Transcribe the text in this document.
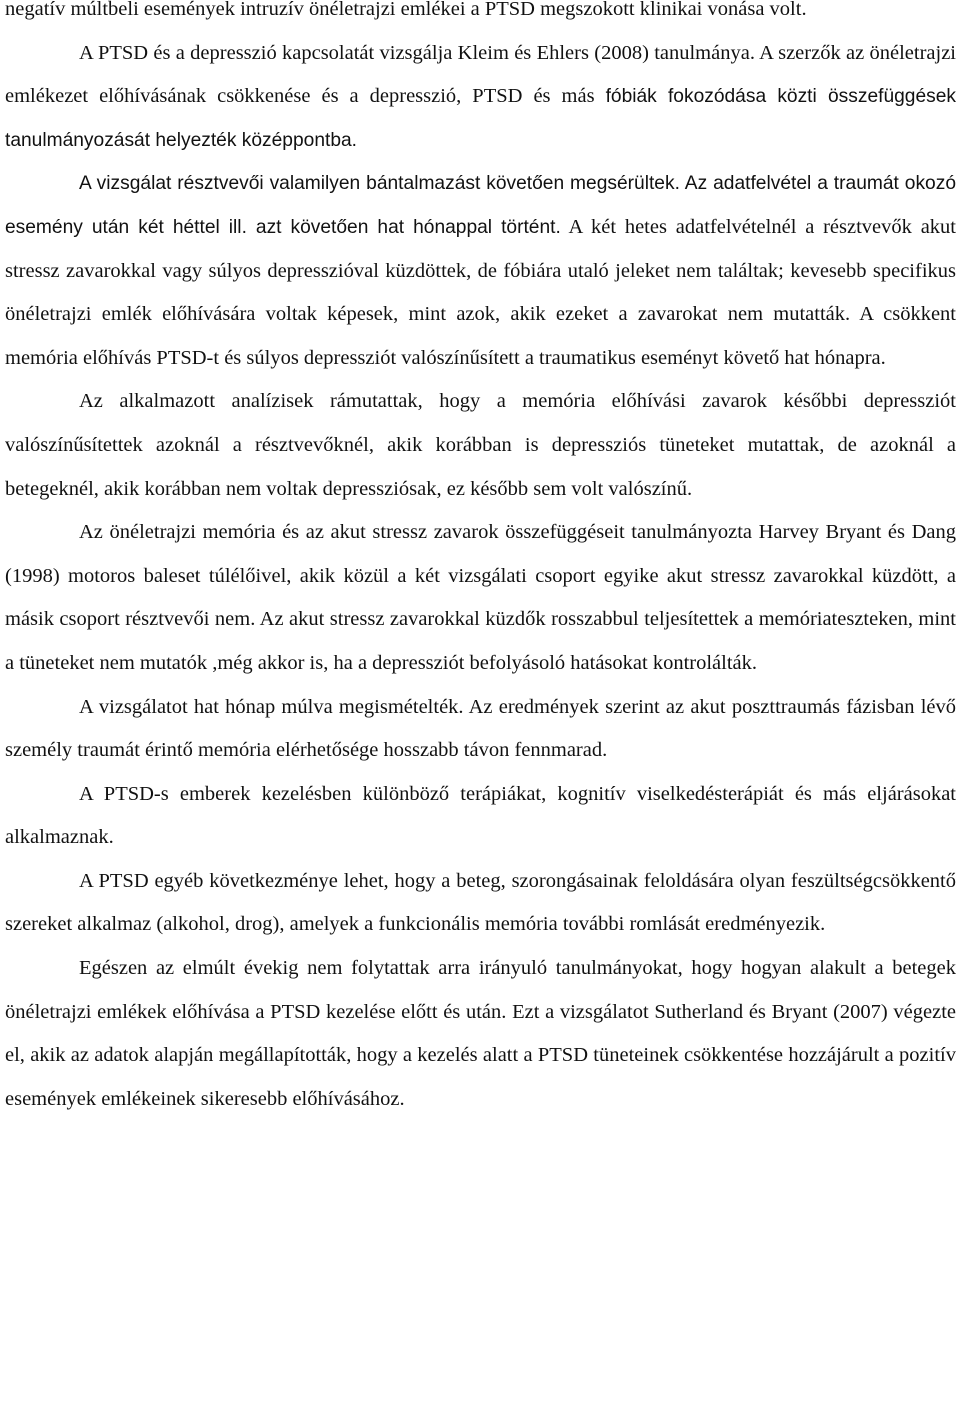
negatív múltbeli események intruzív önéletrajzi emlékei a PTSD megszokott klinikai vonása volt.

A PTSD és a depresszió kapcsolatát vizsgálja Kleim és Ehlers (2008) tanulmánya. A szerzők az önéletrajzi emlékezet előhívásának csökkenése és a depresszió, PTSD és más fóbiák fokozódása közti összefüggések tanulmányozását helyezték középpontba.

A vizsgálat résztvevői valamilyen bántalmazást követően megsérültek. Az adatfelvétel a traumát okozó esemény után két héttel ill. azt követően hat hónappal történt. A két hetes adatfelvételnél a résztvevők akut stressz zavarokkal vagy súlyos depresszióval küzdöttek, de fóbiára utaló jeleket nem találtak; kevesebb specifikus önéletrajzi emlék előhívására voltak képesek, mint azok, akik ezeket a zavarokat nem mutatták. A csökkent memória előhívás PTSD-t és súlyos depressziót valószínűsített a traumatikus eseményt követő hat hónapra.

Az alkalmazott analízisek rámutattak, hogy a memória előhívási zavarok későbbi depressziót valószínűsítettek azoknál a résztvevőknél, akik korábban is depressziós tüneteket mutattak, de azoknál a betegeknél, akik korábban nem voltak depressziósak, ez később sem volt valószínű.

Az önéletrajzi memória és az akut stressz zavarok összefüggéseit tanulmányozta Harvey Bryant és Dang (1998) motoros baleset túlélőivel, akik közül a két vizsgálati csoport egyike akut stressz zavarokkal küzdött, a másik csoport résztvevői nem. Az akut stressz zavarokkal küzdők rosszabbul teljesítettek a memóriateszteken, mint a tüneteket nem mutatók ,még akkor is, ha a depressziót befolyásoló hatásokat kontrolálták.

A vizsgálatot hat hónap múlva megismételték. Az eredmények szerint az akut poszttraumás fázisban lévő személy traumát érintő memória elérhetősége hosszabb távon fennmarad.

A PTSD-s emberek kezelésben különböző terápiákat, kognitív viselkedésterápiát és más eljárásokat alkalmaznak.

A PTSD egyéb következménye lehet, hogy a beteg, szorongásainak feloldására olyan feszültségcsökkentő szereket alkalmaz (alkohol, drog), amelyek a funkcionális memória további romlását eredményezik.

Egészen az elmúlt évekig nem folytattak arra irányuló tanulmányokat, hogy hogyan alakult a betegek önéletrajzi emlékek előhívása a PTSD kezelése előtt és után. Ezt a vizsgálatot Sutherland és Bryant (2007) végezte el, akik az adatok alapján megállapították, hogy a kezelés alatt a PTSD tüneteinek csökkentése hozzájárult a pozitív események emlékeinek sikeresebb előhívásához.
